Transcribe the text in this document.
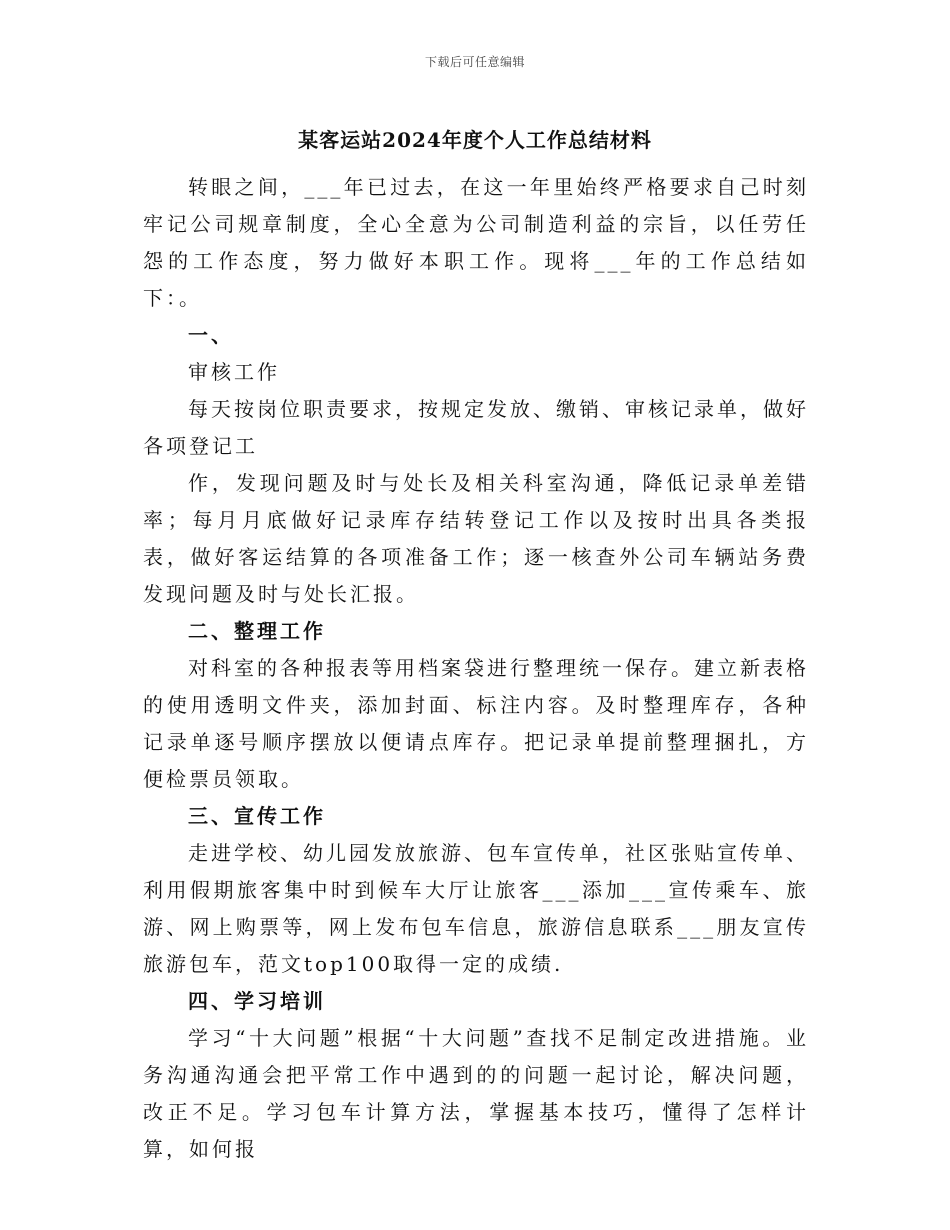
下载后可任意编辑
某客运站2024年度个人工作总结材料

转眼之间，___年已过去，在这一年里始终严格要求自己时刻牢记公司规章制度，全心全意为公司制造利益的宗旨，以任劳任怨的工作态度，努力做好本职工作。现将___年的工作总结如下：。

一、

审核工作

每天按岗位职责要求，按规定发放、缴销、审核记录单，做好各项登记工

作，发现问题及时与处长及相关科室沟通，降低记录单差错率；每月月底做好记录库存结转登记工作以及按时出具各类报表，做好客运结算的各项准备工作；逐一核查外公司车辆站务费发现问题及时与处长汇报。

二、整理工作

对科室的各种报表等用档案袋进行整理统一保存。建立新表格的使用透明文件夹，添加封面、标注内容。及时整理库存，各种记录单逐号顺序摆放以便请点库存。把记录单提前整理捆扎，方便检票员领取。

三、宣传工作

走进学校、幼儿园发放旅游、包车宣传单，社区张贴宣传单、利用假期旅客集中时到候车大厅让旅客___添加___宣传乘车、旅游、网上购票等，网上发布包车信息，旅游信息联系___朋友宣传旅游包车，范文top100取得一定的成绩.

四、学习培训

学习“十大问题”根据“十大问题”查找不足制定改进措施。业务沟通沟通会把平常工作中遇到的的问题一起讨论，解决问题，改正不足。学习包车计算方法，掌握基本技巧，懂得了怎样计算，如何报
